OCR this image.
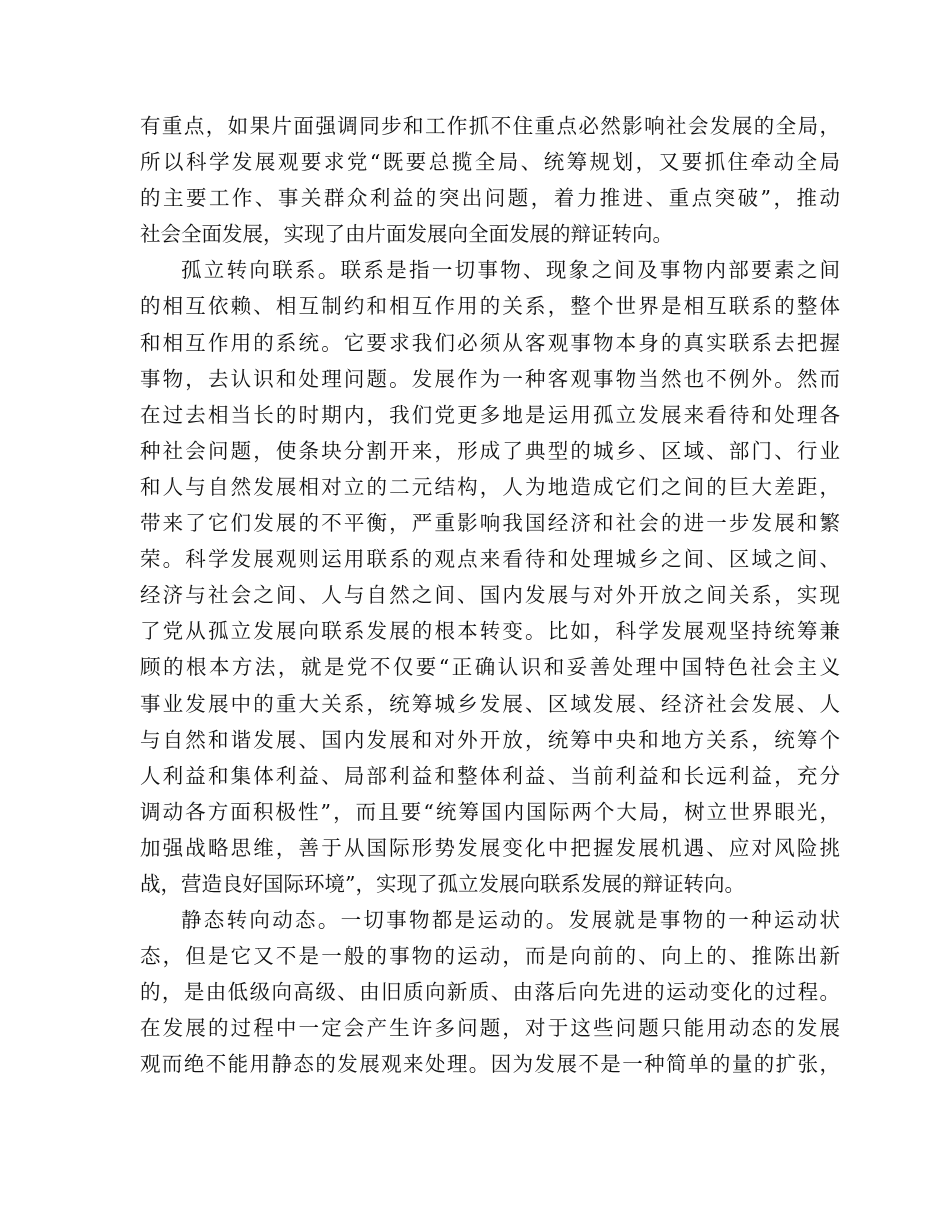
有重点，如果片面强调同步和工作抓不住重点必然影响社会发展的全局，
所以科学发展观要求党“既要总揽全局、统筹规划，又要抓住牵动全局
的主要工作、事关群众利益的突出问题，着力推进、重点突破”，推动
社会全面发展，实现了由片面发展向全面发展的辩证转向。
孤立转向联系。联系是指一切事物、现象之间及事物内部要素之间
的相互依赖、相互制约和相互作用的关系，整个世界是相互联系的整体
和相互作用的系统。它要求我们必须从客观事物本身的真实联系去把握
事物，去认识和处理问题。发展作为一种客观事物当然也不例外。然而
在过去相当长的时期内，我们党更多地是运用孤立发展来看待和处理各
种社会问题，使条块分割开来，形成了典型的城乡、区域、部门、行业
和人与自然发展相对立的二元结构，人为地造成它们之间的巨大差距，
带来了它们发展的不平衡，严重影响我国经济和社会的进一步发展和繁
荣。科学发展观则运用联系的观点来看待和处理城乡之间、区域之间、
经济与社会之间、人与自然之间、国内发展与对外开放之间关系，实现
了党从孤立发展向联系发展的根本转变。比如，科学发展观坚持统筹兼
顾的根本方法，就是党不仅要“正确认识和妥善处理中国特色社会主义
事业发展中的重大关系，统筹城乡发展、区域发展、经济社会发展、人
与自然和谐发展、国内发展和对外开放，统筹中央和地方关系，统筹个
人利益和集体利益、局部利益和整体利益、当前利益和长远利益，充分
调动各方面积极性”，而且要“统筹国内国际两个大局，树立世界眼光，
加强战略思维，善于从国际形势发展变化中把握发展机遇、应对风险挑
战，营造良好国际环境”，实现了孤立发展向联系发展的辩证转向。
静态转向动态。一切事物都是运动的。发展就是事物的一种运动状
态，但是它又不是一般的事物的运动，而是向前的、向上的、推陈出新
的，是由低级向高级、由旧质向新质、由落后向先进的运动变化的过程。
在发展的过程中一定会产生许多问题，对于这些问题只能用动态的发展
观而绝不能用静态的发展观来处理。因为发展不是一种简单的量的扩张，
